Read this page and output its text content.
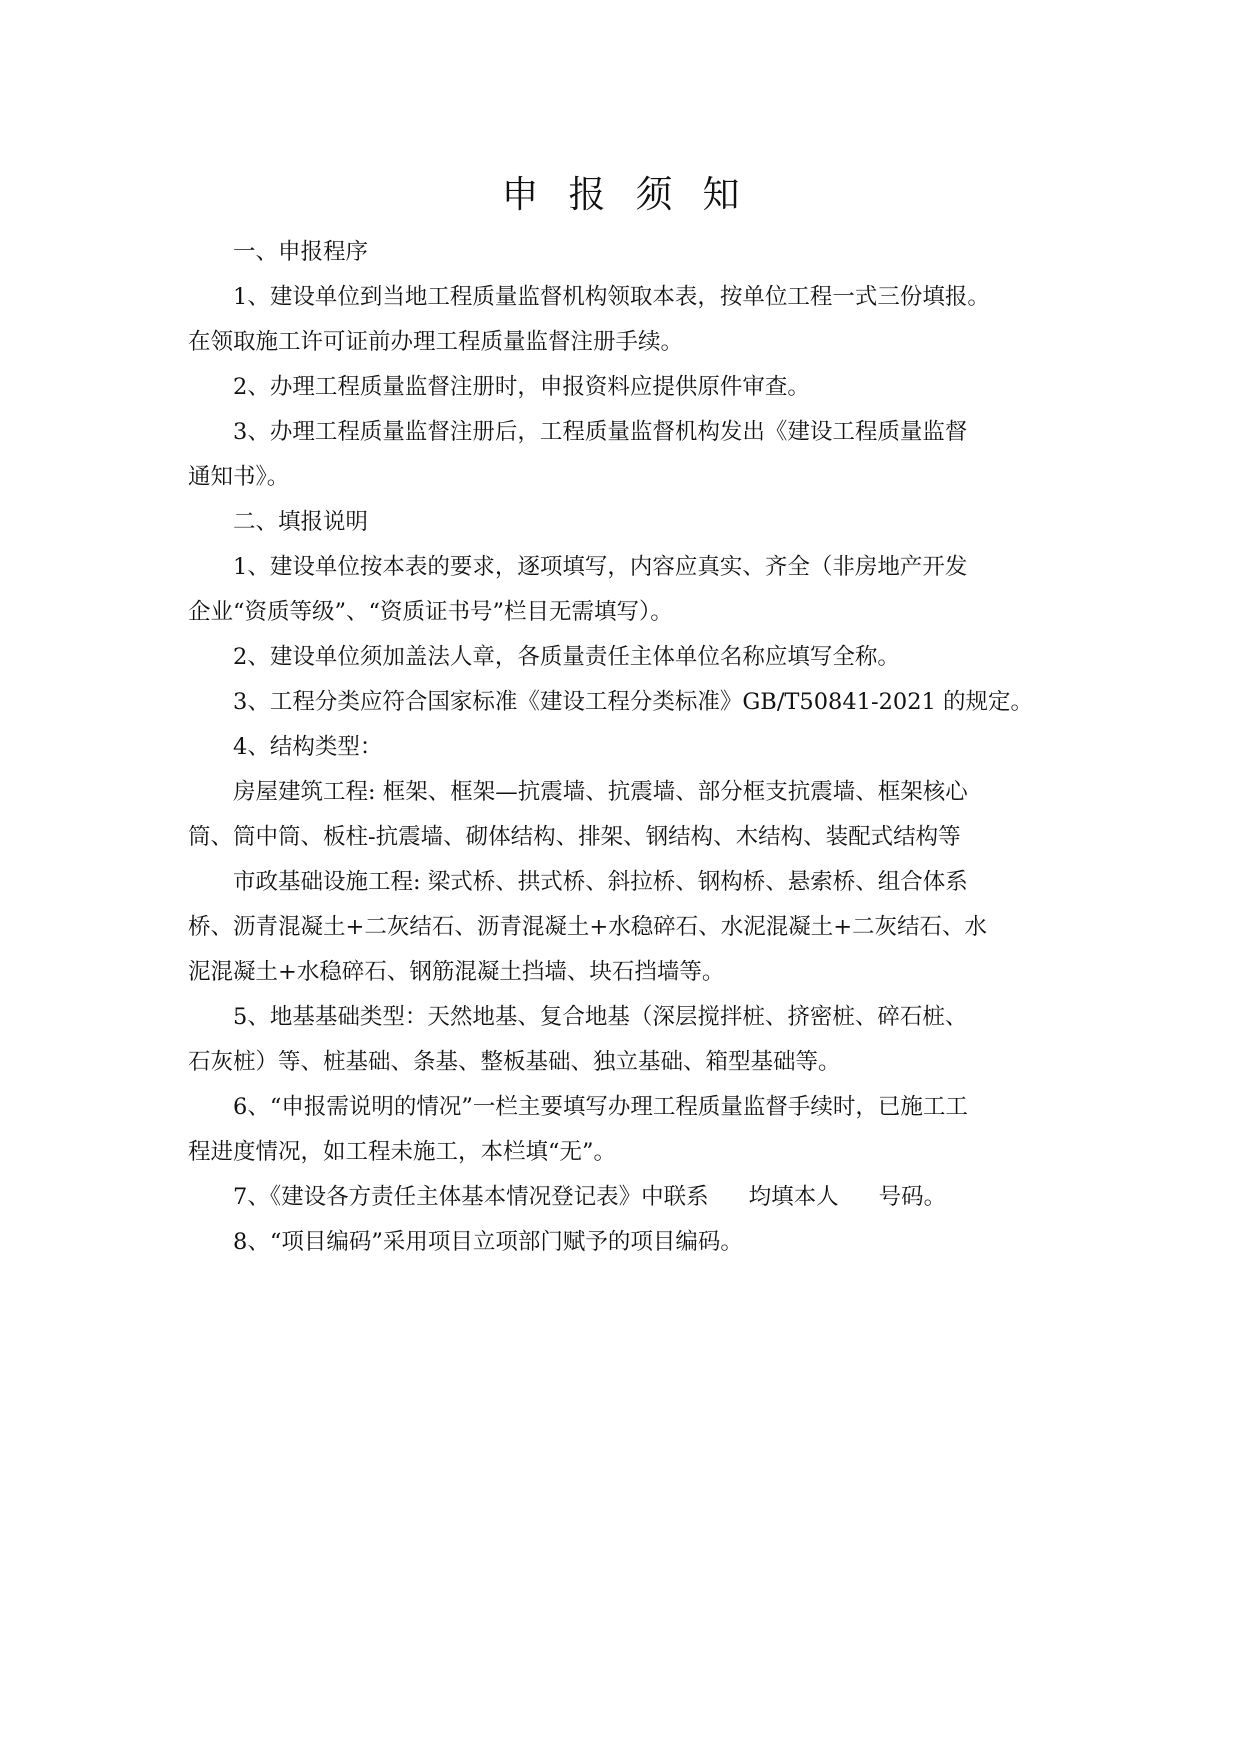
申报须知

一、申报程序

1、建设单位到当地工程质量监督机构领取本表，按单位工程一式三份填报。

在领取施工许可证前办理工程质量监督注册手续。

2、办理工程质量监督注册时，申报资料应提供原件审查。

3、办理工程质量监督注册后，工程质量监督机构发出《建设工程质量监督

通知书》。

二、填报说明

1、建设单位按本表的要求，逐项填写，内容应真实、齐全（非房地产开发

企业“资质等级”、“资质证书号”栏目无需填写）。

2、建设单位须加盖法人章，各质量责任主体单位名称应填写全称。

3、工程分类应符合国家标准《建设工程分类标准》GB/T50841-2021 的规定。

4、结构类型：

房屋建筑工程: 框架、框架—抗震墙、抗震墙、部分框支抗震墙、框架核心

筒、筒中筒、板柱-抗震墙、砌体结构、排架、钢结构、木结构、装配式结构等

市政基础设施工程: 梁式桥、拱式桥、斜拉桥、钢构桥、悬索桥、组合体系

桥、沥青混凝土+二灰结石、沥青混凝土+水稳碎石、水泥混凝土+二灰结石、水

泥混凝土+水稳碎石、钢筋混凝土挡墙、块石挡墙等。

5、地基基础类型：天然地基、复合地基（深层搅拌桩、挤密桩、碎石桩、

石灰桩）等、桩基础、条基、整板基础、独立基础、箱型基础等。

6、“申报需说明的情况”一栏主要填写办理工程质量监督手续时，已施工工

程进度情况，如工程未施工，本栏填“无”。

7、《建设各方责任主体基本情况登记表》中联系 均填本人 号码。

8、“项目编码”采用项目立项部门赋予的项目编码。
